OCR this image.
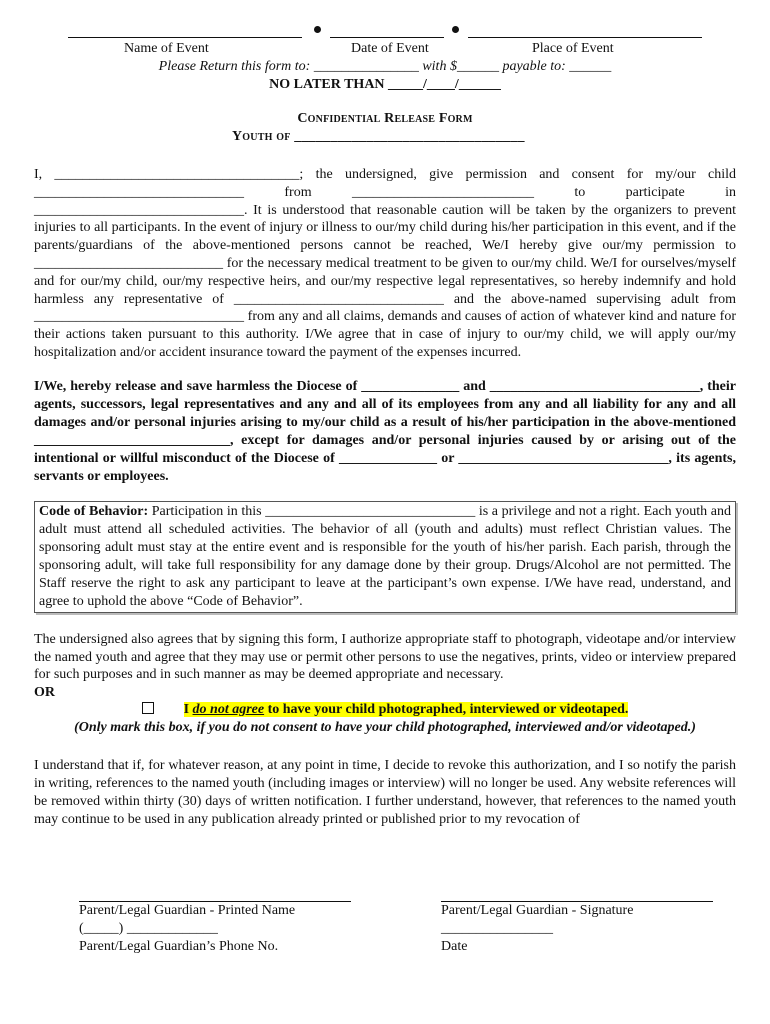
Name of Event	Date of Event	Place of Event
Please Return this form to: _______________ with $______ payable to: ______
NO LATER THAN _____/____/______
Confidential Release Form
Youth of ________________________________

I, ___________________________________; the undersigned, give permission and consent for my/our child ______________________________ from __________________________ to participate in ______________________________. It is understood that reasonable caution will be taken by the organizers to prevent injuries to all participants. In the event of injury or illness to our/my child during his/her participation in this event, and if the parents/guardians of the above-mentioned persons cannot be reached, We/I hereby give our/my permission to ___________________________ for the necessary medical treatment to be given to our/my child. We/I for ourselves/myself and for our/my child, our/my respective heirs, and our/my respective legal representatives, so hereby indemnify and hold harmless any representative of ______________________________ and the above-named supervising adult from ______________________________ from any and all claims, demands and causes of action of whatever kind and nature for their actions taken pursuant to this authority. I/We agree that in case of injury to our/my child, we will apply our/my hospitalization and/or accident insurance toward the payment of the expenses incurred.

I/We, hereby release and save harmless the Diocese of ______________ and ______________________________, their agents, successors, legal representatives and any and all of its employees from any and all liability for any and all damages and/or personal injuries arising to my/our child as a result of his/her participation in the above-mentioned ____________________________, except for damages and/or personal injuries caused by or arising out of the intentional or willful misconduct of the Diocese of ______________ or ______________________________, its agents, servants or employees.

Code of Behavior: Participation in this ______________________________ is a privilege and not a right. Each youth and adult must attend all scheduled activities. The behavior of all (youth and adults) must reflect Christian values. The sponsoring adult must stay at the entire event and is responsible for the youth of his/her parish. Each parish, through the sponsoring adult, will take full responsibility for any damage done by their group. Drugs/Alcohol are not permitted. The Staff reserve the right to ask any participant to leave at the participant’s own expense. I/We have read, understand, and agree to uphold the above “Code of Behavior”.

The undersigned also agrees that by signing this form, I authorize appropriate staff to photograph, videotape and/or interview the named youth and agree that they may use or permit other persons to use the negatives, prints, video or interview prepared for such purposes and in such manner as may be deemed appropriate and necessary.

OR
I do not agree to have your child photographed, interviewed or videotaped.
(Only mark this box, if you do not consent to have your child photographed, interviewed and/or videotaped.)

I understand that if, for whatever reason, at any point in time, I decide to revoke this authorization, and I so notify the parish in writing, references to the named youth (including images or interview) will no longer be used. Any website references will be removed within thirty (30) days of written notification. I further understand, however, that references to the named youth may continue to be used in any publication already printed or published prior to my revocation of

Parent/Legal Guardian - Printed Name
(_____) _____________
Parent/Legal Guardian’s Phone No.
Parent/Legal Guardian - Signature
________________
Date
